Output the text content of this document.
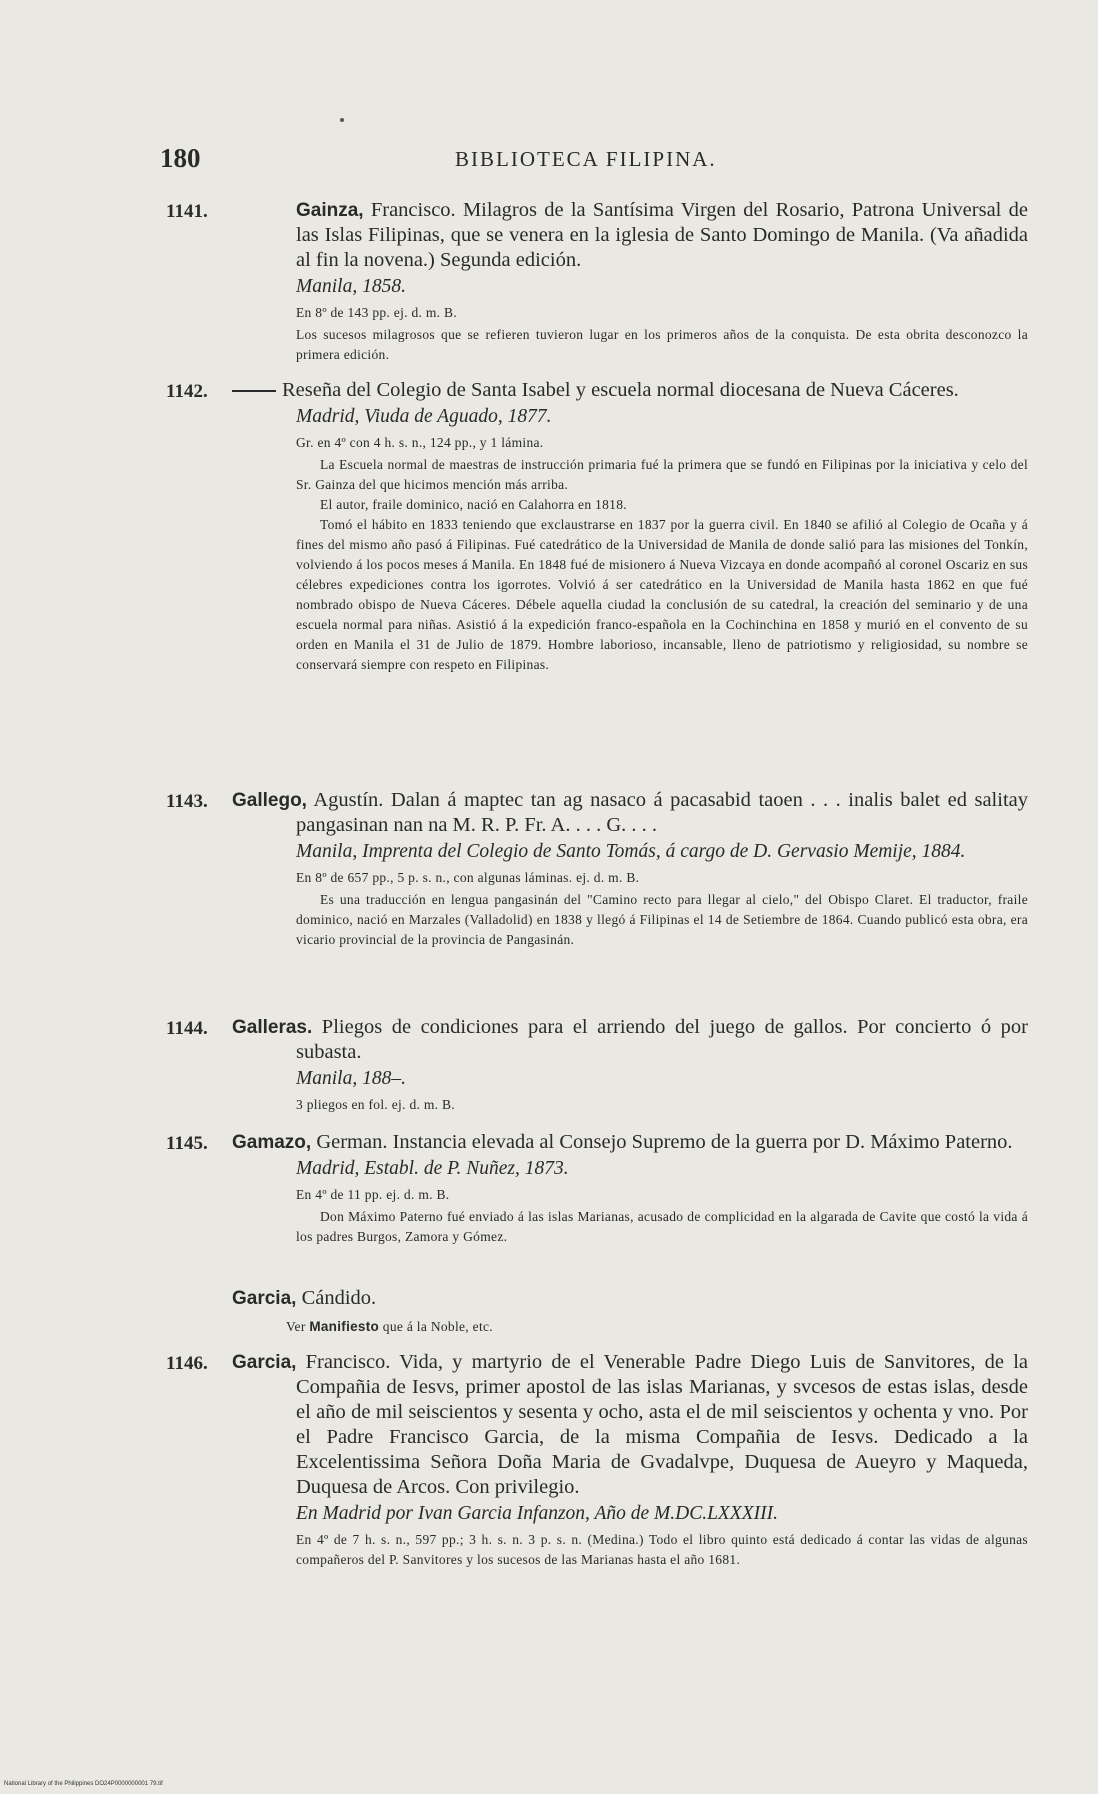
180	BIBLIOTECA FILIPINA.
1141.	Gainza, Francisco. Milagros de la Santísima Virgen del Rosario, Patrona Universal de las Islas Filipinas, que se venera en la iglesia de Santo Domingo de Manila. (Va añadida al fin la novena.) Segunda edición.

Manila, 1858.
En 8º de 143 pp. ej. d. m. B.

Los sucesos milagrosos que se refieren tuvieron lugar en los primeros años de la conquista. De esta obrita desconozco la primera edición.

1142.	Reseña del Colegio de Santa Isabel y escuela normal diocesana de Nueva Cáceres.

Madrid, Viuda de Aguado, 1877.
Gr. en 4º con 4 h. s. n., 124 pp., y 1 lámina.

La Escuela normal de maestras de instrucción primaria fué la primera que se fundó en Filipinas por la iniciativa y celo del Sr. Gainza del que hicimos mención más arriba.

El autor, fraile dominico, nació en Calahorra en 1818.

Tomó el hábito en 1833 teniendo que exclaustrarse en 1837 por la guerra civil. En 1840 se afilió al Colegio de Ocaña y á fines del mismo año pasó á Filipinas. Fué catedrático de la Universidad de Manila de donde salió para las misiones del Tonkín, volviendo á los pocos meses á Manila. En 1848 fué de misionero á Nueva Vizcaya en donde acompañó al coronel Oscariz en sus célebres expediciones contra los igorrotes. Volvió á ser catedrático en la Universidad de Manila hasta 1862 en que fué nombrado obispo de Nueva Cáceres. Débele aquella ciudad la conclusión de su catedral, la creación del seminario y de una escuela normal para niñas. Asistió á la expedición franco-española en la Cochinchina en 1858 y murió en el convento de su orden en Manila el 31 de Julio de 1879. Hombre laborioso, incansable, lleno de patriotismo y religiosidad, su nombre se conservará siempre con respeto en Filipinas.

1143. Gallego, Agustín. Dalan á maptec tan ag nasaco á pacasabid taoen . . . inalis balet ed salitay pangasinan nan na M. R. P. Fr. A. . . . G. . . .

Manila, Imprenta del Colegio de Santo Tomás, á cargo de D. Gervasio Memije, 1884.
En 8º de 657 pp., 5 p. s. n., con algunas láminas. ej. d. m. B.

Es una traducción en lengua pangasinán del "Camino recto para llegar al cielo," del Obispo Claret. El traductor, fraile dominico, nació en Marzales (Valladolid) en 1838 y llegó á Filipinas el 14 de Setiembre de 1864. Cuando publicó esta obra, era vicario provincial de la provincia de Pangasinán.

1144. Galleras. Pliegos de condiciones para el arriendo del juego de gallos. Por concierto ó por subasta.

Manila, 188–.
3 pliegos en fol. ej. d. m. B.
1145. Gamazo, German. Instancia elevada al Consejo Supremo de la guerra por D. Máximo Paterno.

Madrid, Establ. de P. Nuñez, 1873.
En 4º de 11 pp. ej. d. m. B.

Don Máximo Paterno fué enviado á las islas Marianas, acusado de complicidad en la algarada de Cavite que costó la vida á los padres Burgos, Zamora y Gómez.

Garcia, Cándido.

Ver Manifiesto que á la Noble, etc.
1146. Garcia, Francisco. Vida, y martyrio de el Venerable Padre Diego Luis de Sanvitores, de la Compañia de Iesvs, primer apostol de las islas Marianas, y svcesos de estas islas, desde el año de mil seiscientos y sesenta y ocho, asta el de mil seiscientos y ochenta y vno. Por el Padre Francisco Garcia, de la misma Compañia de Iesvs. Dedicado a la Excelentissima Señora Doña Maria de Gvadalvpe, Duquesa de Aueyro y Maqueda, Duquesa de Arcos. Con privilegio.

En Madrid por Ivan Garcia Infanzon, Año de M.DC.LXXXIII.

En 4º de 7 h. s. n., 597 pp.; 3 h. s. n. 3 p. s. n. (Medina.) Todo el libro quinto está dedicado á contar las vidas de algunas compañeros del P. Sanvitores y los sucesos de las Marianas hasta el año 1681.

National Library of the Philippines DO24P0000000001 79.tif
